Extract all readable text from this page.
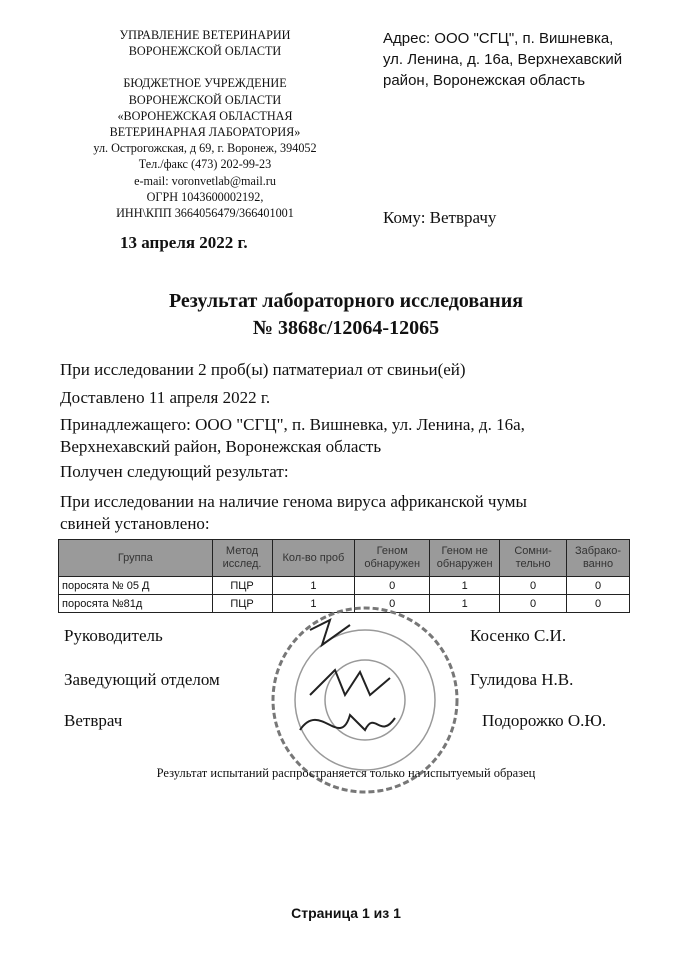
УПРАВЛЕНИЕ ВЕТЕРИНАРИИ
ВОРОНЕЖСКОЙ ОБЛАСТИ
БЮДЖЕТНОЕ УЧРЕЖДЕНИЕ
ВОРОНЕЖСКОЙ ОБЛАСТИ
«ВОРОНЕЖСКАЯ ОБЛАСТНАЯ
ВЕТЕРИНАРНАЯ ЛАБОРАТОРИЯ»
ул. Острогожская, д 69, г. Воронеж, 394052
Тел./факс (473) 202-99-23
e-mail: voronvetlab@mail.ru
ОГРН 1043600002192,
ИНН\КПП 3664056479/366401001
Адрес: ООО "СГЦ", п. Вишневка,
ул. Ленина, д. 16а, Верхнехавский
район, Воронежская область
Кому: Ветврачу
13 апреля 2022 г.
Результат лабораторного исследования
№ 3868с/12064-12065
При исследовании 2 проб(ы) патматериал от свиньи(ей)
Доставлено 11 апреля 2022 г.
Принадлежащего: ООО "СГЦ", п. Вишневка, ул. Ленина, д. 16а,
Верхнехавский район, Воронежская область
Получен следующий результат:
При исследовании на наличие генома вируса африканской чумы
свиней установлено:
Группа	Метод исслед.	Кол-во проб	Геном обнаружен	Геном не обнаружен	Сомни-тельно	Забрако-ванно
поросята № 05 Д	ПЦР	1	0	1	0	0
поросята №81д	ПЦР	1	0	1	0	0
Руководитель	Косенко С.И.
Заведующий отделом	Гулидова Н.В.
Ветврач	Подорожко О.Ю.
Результат испытаний распространяется только на испытуемый образец
Страница 1 из 1
